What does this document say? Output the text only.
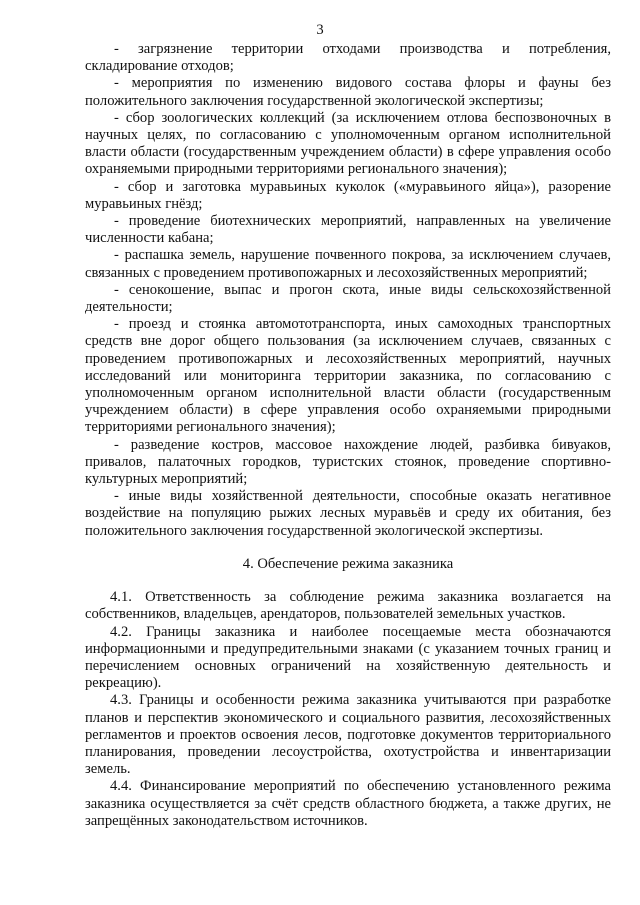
3

- загрязнение территории отходами производства и потребления, складирование отходов;

- мероприятия по изменению видового состава флоры и фауны без положительного заключения государственной экологической экспертизы;

- сбор зоологических коллекций (за исключением отлова беспозвоночных в научных целях, по согласованию с уполномоченным органом исполнительной власти области (государственным учреждением области) в сфере управления особо охраняемыми природными территориями регионального значения);

- сбор и заготовка муравьиных куколок («муравьиного яйца»), разорение муравьиных гнёзд;

- проведение биотехнических мероприятий, направленных на увеличение численности кабана;

- распашка земель, нарушение почвенного покрова, за исключением случаев, связанных с проведением противопожарных и лесохозяйственных мероприятий;

- сенокошение, выпас и прогон скота, иные виды сельскохозяйственной деятельности;

- проезд и стоянка автомототранспорта, иных самоходных транспортных средств вне дорог общего пользования (за исключением случаев, связанных с проведением противопожарных и лесохозяйственных мероприятий, научных исследований или мониторинга территории заказника, по согласованию с уполномоченным органом исполнительной власти области (государственным учреждением области) в сфере управления особо охраняемыми природными территориями регионального значения);

- разведение костров, массовое нахождение людей, разбивка бивуаков, привалов, палаточных городков, туристских стоянок, проведение спортивно-культурных мероприятий;

- иные виды хозяйственной деятельности, способные оказать негативное воздействие на популяцию рыжих лесных муравьёв и среду их обитания, без положительного заключения государственной экологической экспертизы.

4. Обеспечение режима заказника

4.1. Ответственность за соблюдение режима заказника возлагается на собственников, владельцев, арендаторов, пользователей земельных участков.

4.2. Границы заказника и наиболее посещаемые места обозначаются информационными и предупредительными знаками (с указанием точных границ и перечислением основных ограничений на хозяйственную деятельность и рекреацию).

4.3. Границы и особенности режима заказника учитываются при разработке планов и перспектив экономического и социального развития, лесохозяйственных регламентов и проектов освоения лесов, подготовке документов территориального планирования, проведении лесоустройства, охотустройства и инвентаризации земель.

4.4. Финансирование мероприятий по обеспечению установленного режима заказника осуществляется за счёт средств областного бюджета, а также других, не запрещённых законодательством источников.
